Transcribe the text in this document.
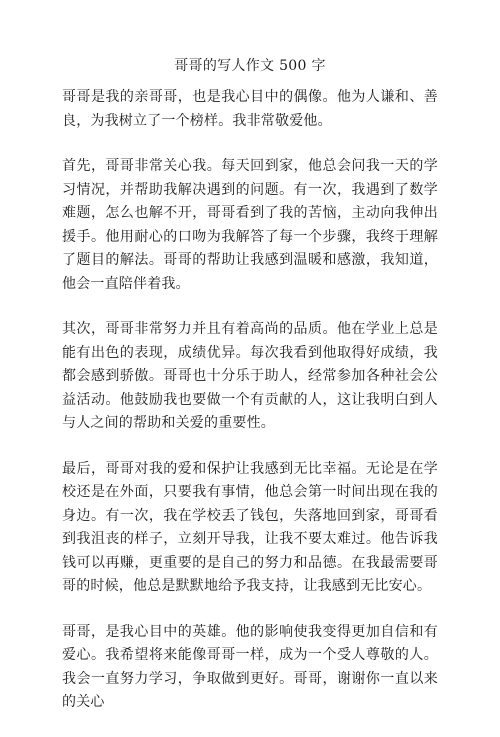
哥哥的写人作文 500 字

哥哥是我的亲哥哥，也是我心目中的偶像。他为人谦和、善良，为我树立了一个榜样。我非常敬爱他。

首先，哥哥非常关心我。每天回到家，他总会问我一天的学习情况，并帮助我解决遇到的问题。有一次，我遇到了数学难题，怎么也解不开，哥哥看到了我的苦恼，主动向我伸出援手。他用耐心的口吻为我解答了每一个步骤，我终于理解了题目的解法。哥哥的帮助让我感到温暖和感激，我知道，他会一直陪伴着我。

其次，哥哥非常努力并且有着高尚的品质。他在学业上总是能有出色的表现，成绩优异。每次我看到他取得好成绩，我都会感到骄傲。哥哥也十分乐于助人，经常参加各种社会公益活动。他鼓励我也要做一个有贡献的人，这让我明白到人与人之间的帮助和关爱的重要性。

最后，哥哥对我的爱和保护让我感到无比幸福。无论是在学校还是在外面，只要我有事情，他总会第一时间出现在我的身边。有一次，我在学校丢了钱包，失落地回到家，哥哥看到我沮丧的样子，立刻开导我，让我不要太难过。他告诉我钱可以再赚，更重要的是自己的努力和品德。在我最需要哥哥的时候，他总是默默地给予我支持，让我感到无比安心。

哥哥，是我心目中的英雄。他的影响使我变得更加自信和有爱心。我希望将来能像哥哥一样，成为一个受人尊敬的人。我会一直努力学习，争取做到更好。哥哥，谢谢你一直以来的关心
